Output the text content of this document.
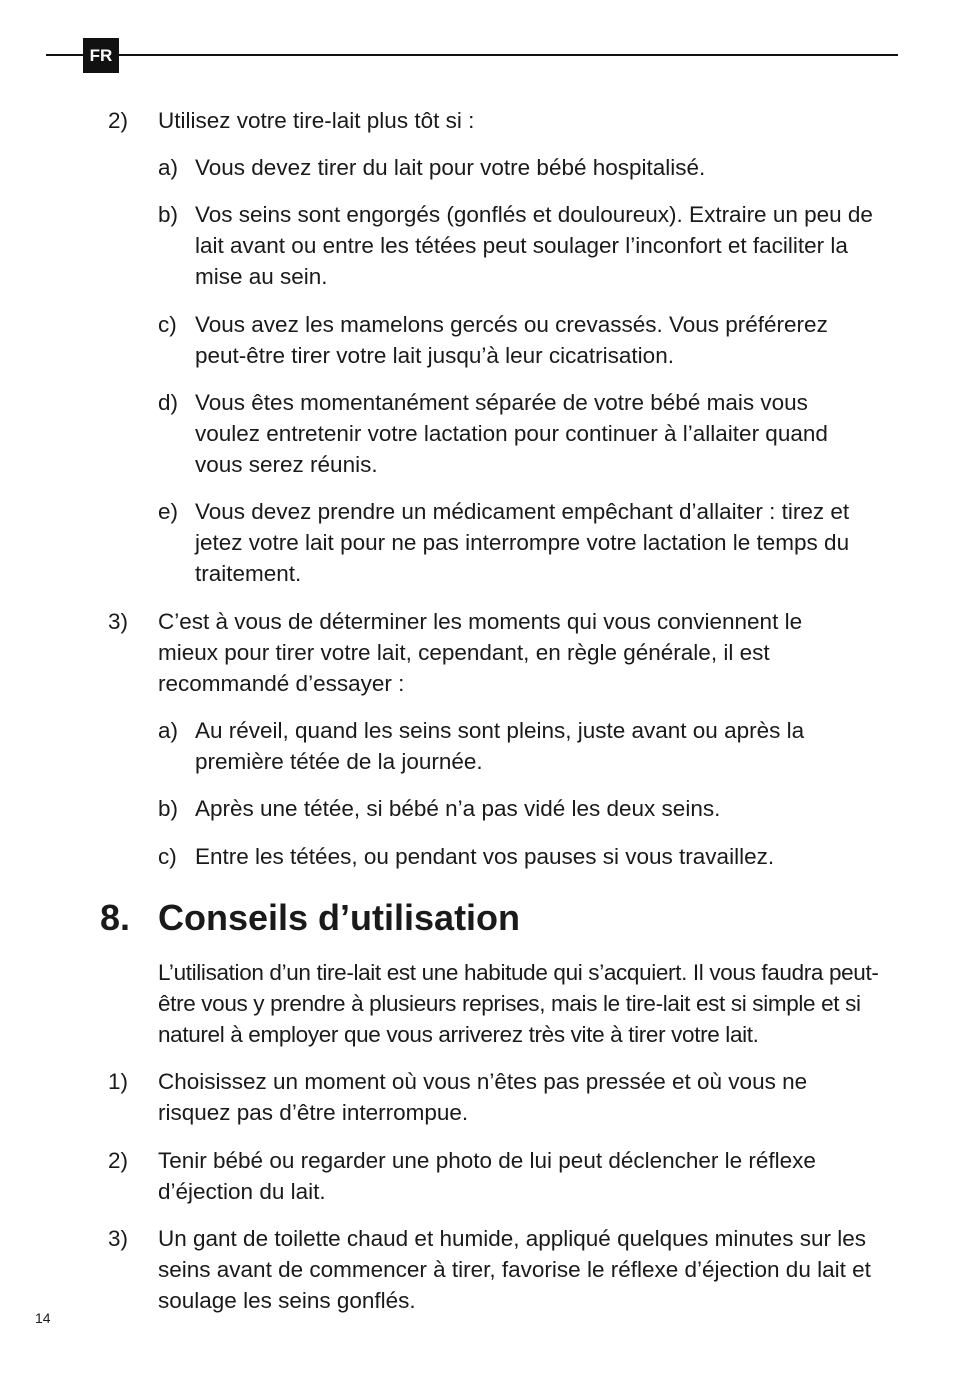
FR
2) Utilisez votre tire-lait plus tôt si :
a) Vous devez tirer du lait pour votre bébé hospitalisé.
b) Vos seins sont engorgés (gonflés et douloureux). Extraire un peu de lait avant ou entre les tétées peut soulager l’inconfort et faciliter la mise au sein.
c) Vous avez les mamelons gercés ou crevassés. Vous préférerez peut-être tirer votre lait jusqu’à leur cicatrisation.
d) Vous êtes momentanément séparée de votre bébé mais vous voulez entretenir votre lactation pour continuer à l’allaiter quand vous serez réunis.
e) Vous devez prendre un médicament empêchant d’allaiter : tirez et jetez votre lait pour ne pas interrompre votre lactation le temps du traitement.
3) C’est à vous de déterminer les moments qui vous conviennent le mieux pour tirer votre lait, cependant, en règle générale, il est recommandé d’essayer :
a) Au réveil, quand les seins sont pleins, juste avant ou après la première tétée de la journée.
b) Après une tétée, si bébé n’a pas vidé les deux seins.
c) Entre les tétées, ou pendant vos pauses si vous travaillez.
8. Conseils d’utilisation
L’utilisation d’un tire-lait est une habitude qui s’acquiert. Il vous faudra peut-être vous y prendre à plusieurs reprises, mais le tire-lait est si simple et si naturel à employer que vous arriverez très vite à tirer votre lait.
1) Choisissez un moment où vous n’êtes pas pressée et où vous ne risquez pas d’être interrompue.
2) Tenir bébé ou regarder une photo de lui peut déclencher le réflexe d’éjection du lait.
3) Un gant de toilette chaud et humide, appliqué quelques minutes sur les seins avant de commencer à tirer, favorise le réflexe d’éjection du lait et soulage les seins gonflés.
14
